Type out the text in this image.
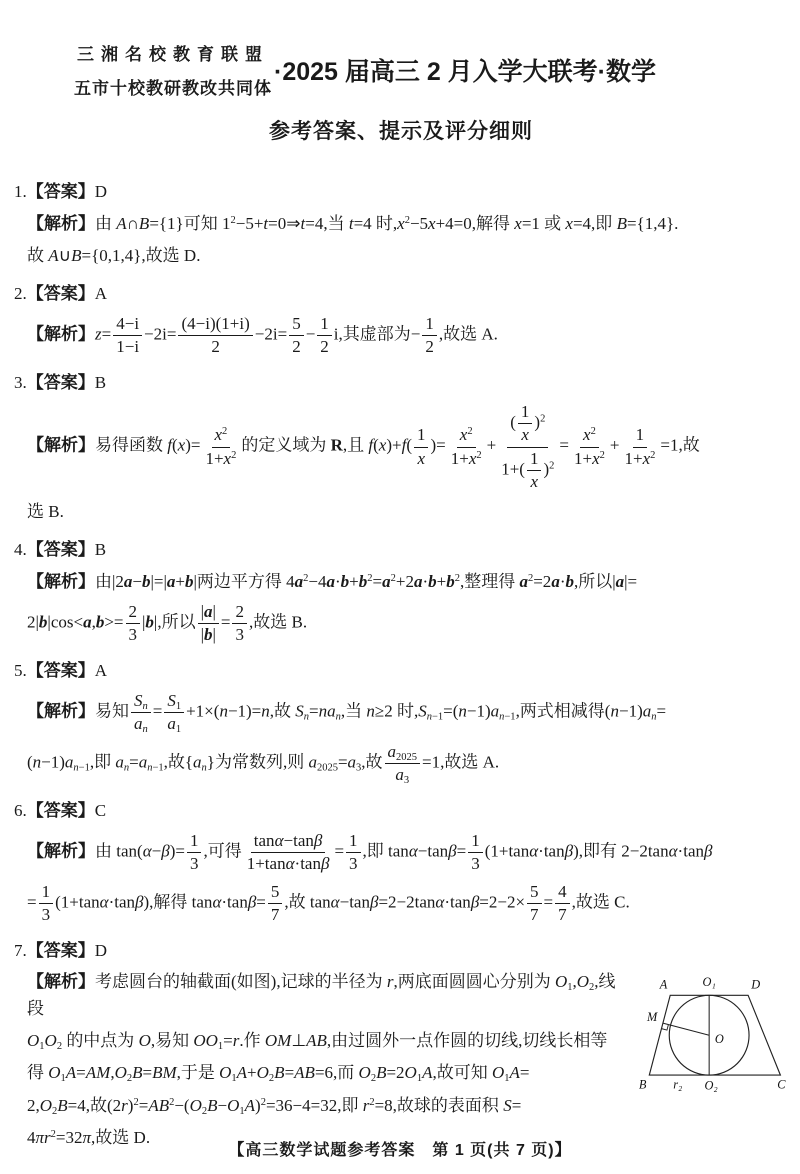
三湘名校教育联盟
五市十校教研教改共同体
·2025 届高三 2 月入学大联考·数学
参考答案、提示及评分细则
1.【答案】D
【解析】由 A∩B={1}可知 $1^2-5+t=0\Rightarrow t=4$,当 t=4 时$,x^2-5x+4=0$,解得 x=1 或 x=4,即 B={1,4}.
故 A∪B={0,1,4},故选 D.
2.【答案】A
【解析】$z= \frac{4-i}{1-i} -2i= \frac{(4-i)(1+i)}{2} -2i= \frac{5}{2} - \frac{1}{2} i$,其虚部为− $\frac{1}{2}$ ,故选 A.
3.【答案】B
【解析】易得函数 $f(x)= \frac{x^2}{1+x^2}$ 的定义域为 R,且 $f(x)+f( \frac{1}{x}$ )= $\frac{x^2}{1+x^2} + \frac{( \frac{1}{x} )^2}{1+( \frac{1}{x} )^2} = \frac{x^2}{1+x^2} + \frac{1}{1+x^2} =1$,故
选 B.
4.【答案】B
【解析】由|2a−b|=|a+b|两边平方得 $4a^2-4a\cdot b+b^2=a^2+2a\cdot b+b^2$,整理得 $a^2=2a\cdot b$,所以|a|=
$2|b|\cos<a,b>= \frac{2}{3} |b|$,所以 $\frac{|a|}{|b|} = \frac{2}{3}$ ,故选 B.
5.【答案】A
【解析】易知 $\frac{S_n}{a_n} = \frac{S_1}{a_1} +1\times(n-1)=n$,故 $S_n=na_n$,当 n≥2 时$,S_{n-1}=(n-1)a_{n-1}$,两式相减得$(n-1)a_n=$
$(n-1)a_{n-1}$,即 $a_n=a_{n-1}$,故$\{a_n\}$为常数列,则 $a_{2025}=a_3$,故 $\frac{a_{2025}}{a_3} =1$,故选 A.
6.【答案】C
【解析】由 $\tan(\alpha-\beta)= \frac{1}{3}$ ,可得 $\frac{\tan\alpha-\tan\beta}{1+\tan\alpha\cdot\tan\beta} = \frac{1}{3}$ ,即 $\tan\alpha-\tan\beta= \frac{1}{3} (1+\tan\alpha\cdot\tan\beta)$,即有 2−2tanα·tanβ
= $\frac{1}{3} (1+\tan\alpha\cdot\tan\beta)$,解得 $\tan\alpha\cdot\tan\beta= \frac{5}{7}$ ,故 $\tan\alpha-\tan\beta=2-2\tan\alpha\cdot\tan\beta=2-2\times \frac{5}{7} = \frac{4}{7}$ ,故选 C.
7.【答案】D
A	O₁	D
M
O
B r₂ O₂	C
【解析】考虑圆台的轴截面(如图),记球的半径为 r,两底面圆圆心分别为 $O_1,O_2$,线段
$O_1O_2$ 的中点为 O,易知 $OO_1=r$.作 OM⊥AB,由过圆外一点作圆的切线,切线长相等
得 $O_1A=AM,O_2B=BM$,于是 $O_1A+O_2B=AB=6$,而 $O_2B=2O_1A$,故可知 $O_1A=$
$2,O_2B=4$,故$(2r)^2=AB^2-(O_2B-O_1A)^2=36-4=32$,即 $r^2=8$,故球的表面积 S=
$4\pi r^2=32\pi$,故选 D.
【高三数学试题参考答案　第 1 页(共 7 页)】
